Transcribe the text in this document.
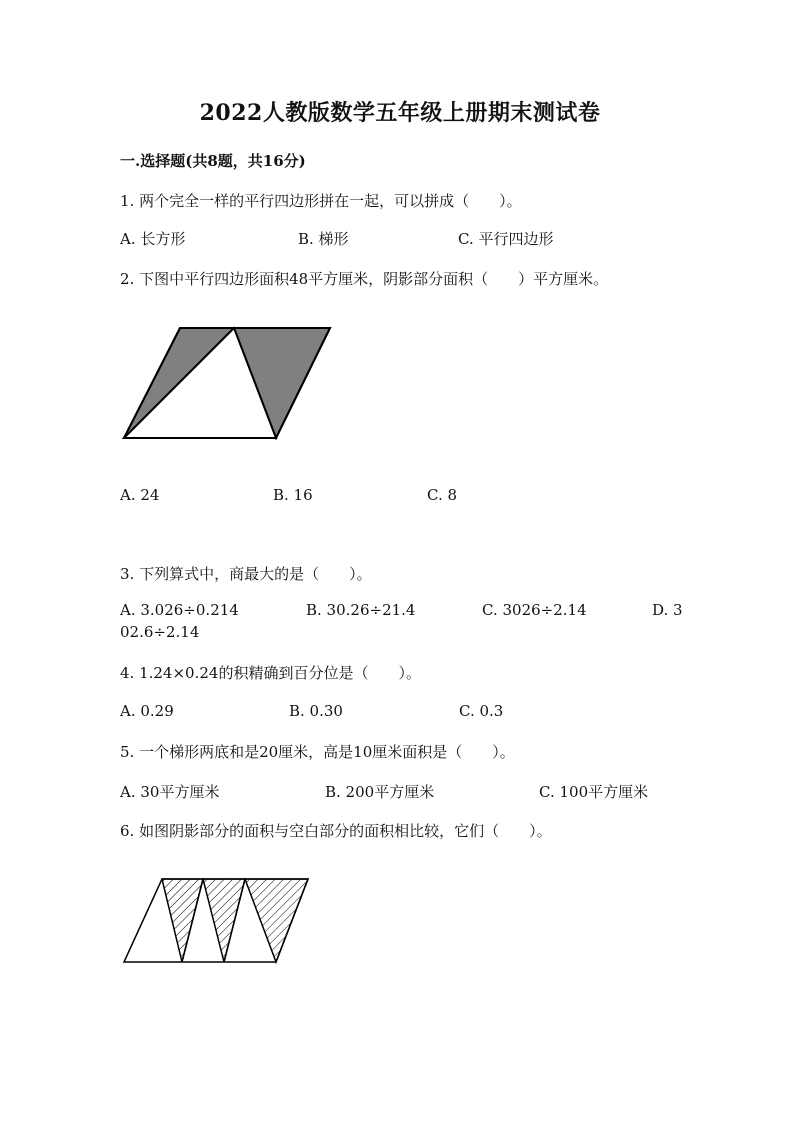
2022人教版数学五年级上册期末测试卷
一.选择题(共8题，共16分)
1. 两个完全一样的平行四边形拼在一起，可以拼成（　　）。
A. 长方形	B. 梯形	C. 平行四边形
2. 下图中平行四边形面积48平方厘米，阴影部分面积（　　）平方厘米。
A. 24	B. 16	C. 8
3. 下列算式中，商最大的是（　　）。
A. 3.026÷0.214	B. 30.26÷21.4	C. 3026÷2.14	D. 3
02.6÷2.14
4. 1.24×0.24的积精确到百分位是（　　）。
A. 0.29	B. 0.30	C. 0.3
5. 一个梯形两底和是20厘米，高是10厘米面积是（　　）。
A. 30平方厘米	B. 200平方厘米	C. 100平方厘米
6. 如图阴影部分的面积与空白部分的面积相比较，它们（　　）。
